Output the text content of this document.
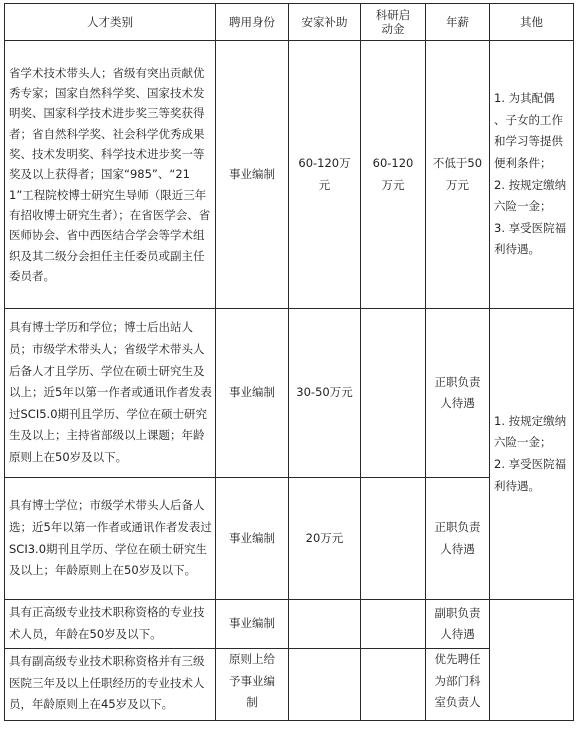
人才类别	聘用身份	安家补助	科研启动金	年薪	其他
省学术技术带头人；省级有突出贡献优秀专家；国家自然科学奖、国家技术发明奖、国家科学技术进步奖三等奖获得者；省自然科学奖、社会科学优秀成果奖、技术发明奖、科学技术进步奖一等奖及以上获得者；国家“985”、“211”工程院校博士研究生导师（限近三年有招收博士研究生者）；在省医学会、省医师协会、省中西医结合学会等学术组织及其二级分会担任主任委员或副主任委员者。	事业编制	60-120万元	60-120万元	不低于50万元	1. 为其配偶 、子女的工作和学习等提供便利条件；
2. 按规定缴纳六险一金；
3. 享受医院福利待遇。
具有博士学历和学位；博士后出站人员；市级学术带头人；省级学术带头人后备人才且学历、学位在硕士研究生及以上；近5年以第一作者或通讯作者发表过SCI5.0期刊且学历、学位在硕士研究生及以上；主持省部级以上课题；年龄原则上在50岁及以下。	事业编制	30-50万元		正职负责人待遇	1. 按规定缴纳六险一金；
2. 享受医院福利待遇。
具有博士学位；市级学术带头人后备人选；近5年以第一作者或通讯作者发表过SCI3.0期刊且学历、学位在硕士研究生及以上；年龄原则上在50岁及以下。	事业编制	20万元		正职负责人待遇	
具有正高级专业技术职称资格的专业技术人员，年龄在50岁及以下。	事业编制			副职负责人待遇	
具有副高级专业技术职称资格并有三级医院三年及以上任职经历的专业技术人员，年龄原则上在45岁及以下。	原则上给予事业编制			优先聘任为部门科室负责人	
